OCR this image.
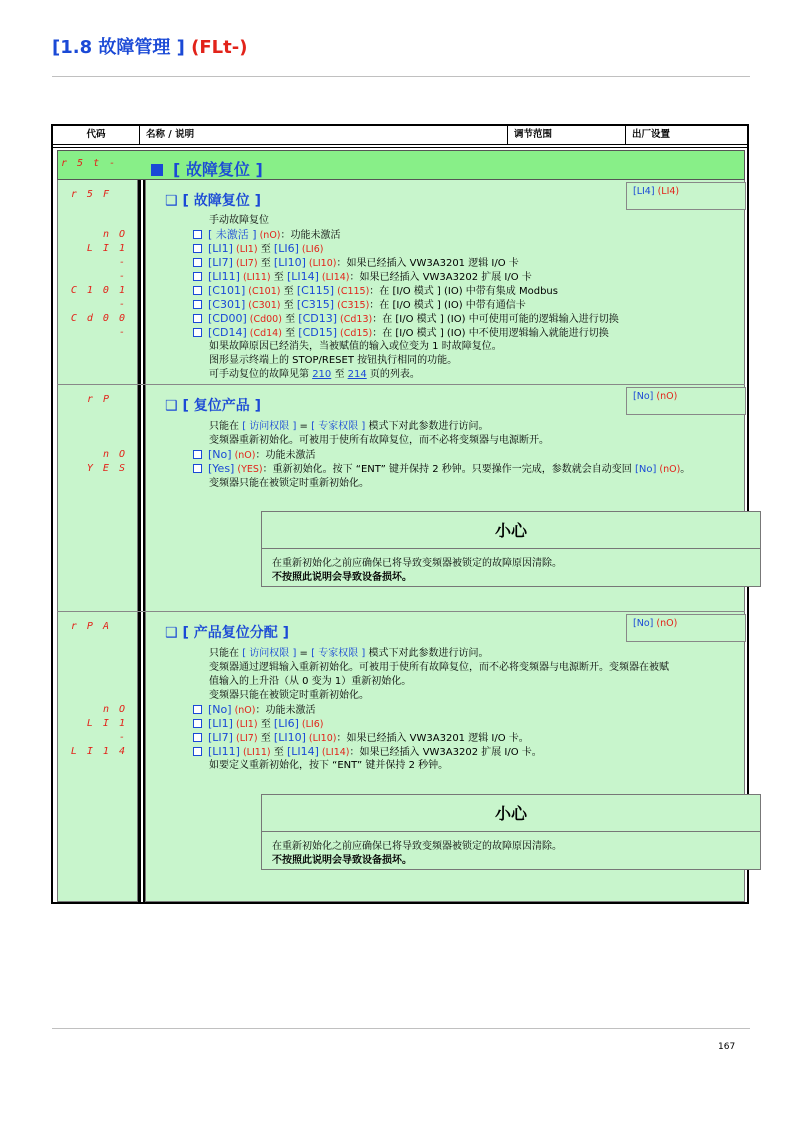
[1.8 故障管理 ] (FLt-)
代码	名称 / 说明	调节范围	出厂设置
r 5 t -	[ 故障复位 ]
r 5 F	❑ [ 故障复位 ]
[LI4] (LI4)
手动故障复位
n O	[ 未激活 ] (nO)：功能未激活
L I 1	[LI1] (LI1) 至 [LI6] (LI6)
-	[LI7] (LI7) 至 [LI10] (LI10)：如果已经插入 VW3A3201 逻辑 I/O 卡
-	[LI11] (LI11) 至 [LI14] (LI14)：如果已经插入 VW3A3202 扩展 I/O 卡
C 1 0 1	[C101] (C101) 至 [C115] (C115)：在 [I/O 模式 ] (IO) 中带有集成 Modbus
-	[C301] (C301) 至 [C315] (C315)：在 [I/O 模式 ] (IO) 中带有通信卡
C d 0 0	[CD00] (Cd00) 至 [CD13] (Cd13)：在 [I/O 模式 ] (IO) 中可使用可能的逻辑输入进行切换
-	[CD14] (Cd14) 至 [CD15] (Cd15)：在 [I/O 模式 ] (IO) 中不使用逻辑输入就能进行切换
如果故障原因已经消失，当被赋值的输入或位变为 1 时故障复位。
图形显示终端上的 STOP/RESET 按钮执行相同的功能。
可手动复位的故障见第 210 至 214 页的列表。
r P	❑ [ 复位产品 ]
[No] (nO)
只能在 [ 访问权限 ] = [ 专家权限 ] 模式下对此参数进行访问。
变频器重新初始化。可被用于使所有故障复位，而不必将变频器与电源断开。
n O	[No] (nO)：功能未激活
Y E S	[Yes] (YES)：重新初始化。按下 “ENT” 键并保持 2 秒钟。只要操作一完成，参数就会自动变回 [No] (nO)。
变频器只能在被锁定时重新初始化。
小心
在重新初始化之前应确保已将导致变频器被锁定的故障原因清除。
不按照此说明会导致设备损坏。
r P A	❑ [ 产品复位分配 ]
[No] (nO)
只能在 [ 访问权限 ] = [ 专家权限 ] 模式下对此参数进行访问。
变频器通过逻辑输入重新初始化。可被用于使所有故障复位，而不必将变频器与电源断开。变频器在被赋
值输入的上升沿（从 0 变为 1）重新初始化。
变频器只能在被锁定时重新初始化。
n O	[No] (nO)：功能未激活
L I 1	[LI1] (LI1) 至 [LI6] (LI6)
-	[LI7] (LI7) 至 [LI10] (LI10)：如果已经插入 VW3A3201 逻辑 I/O 卡。
L I 1 4	[LI11] (LI11) 至 [LI14] (LI14)：如果已经插入 VW3A3202 扩展 I/O 卡。
如要定义重新初始化，按下 “ENT” 键并保持 2 秒钟。
小心
在重新初始化之前应确保已将导致变频器被锁定的故障原因清除。
不按照此说明会导致设备损坏。
167
